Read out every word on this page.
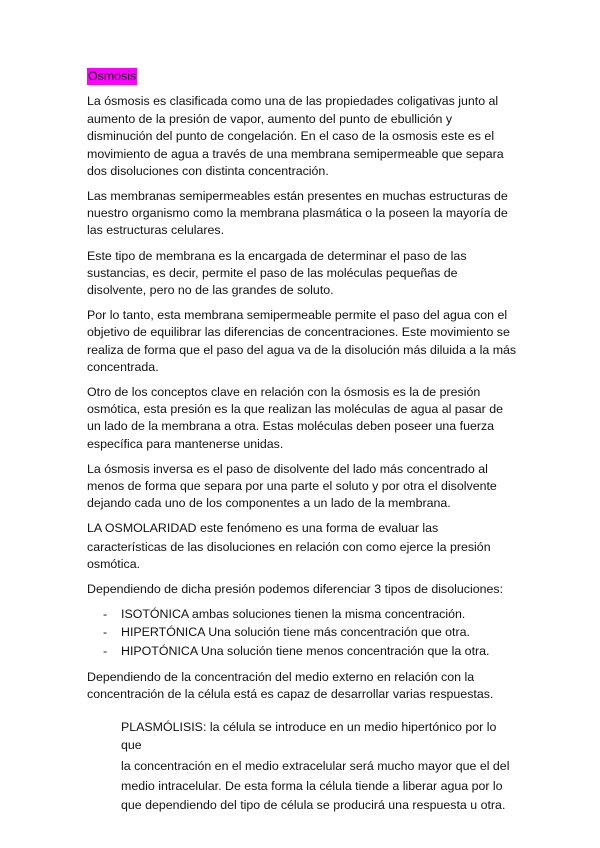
Osmosis

La ósmosis es clasificada como una de las propiedades coligativas junto al aumento de la presión de vapor, aumento del punto de ebullición y disminución del punto de congelación. En el caso de la osmosis este es el movimiento de agua a través de una membrana semipermeable que separa dos disoluciones con distinta concentración.

Las membranas semipermeables están presentes en muchas estructuras de nuestro organismo como la membrana plasmática o la poseen la mayoría de las estructuras celulares.

Este tipo de membrana es la encargada de determinar el paso de las sustancias, es decir, permite el paso de las moléculas pequeñas de disolvente, pero no de las grandes de soluto.

Por lo tanto, esta membrana semipermeable permite el paso del agua con el objetivo de equilibrar las diferencias de concentraciones. Este movimiento se realiza de forma que el paso del agua va de la disolución más diluida a la más concentrada.

Otro de los conceptos clave en relación con la ósmosis es la de presión osmótica, esta presión es la que realizan las moléculas de agua al pasar de un lado de la membrana a otra. Estas moléculas deben poseer una fuerza específica para mantenerse unidas.

La ósmosis inversa es el paso de disolvente del lado más concentrado al menos de forma que separa por una parte el soluto y por otra el disolvente dejando cada uno de los componentes a un lado de la membrana.

LA OSMOLARIDAD este fenómeno es una forma de evaluar las características de las disoluciones en relación con como ejerce la presión osmótica.

Dependiendo de dicha presión podemos diferenciar 3 tipos de disoluciones:

- ISOTÓNICA ambas soluciones tienen la misma concentración.
- HIPERTÓNICA Una solución tiene más concentración que otra.
- HIPOTÓNICA Una solución tiene menos concentración que la otra.

Dependiendo de la concentración del medio externo en relación con la concentración de la célula está es capaz de desarrollar varias respuestas.

PLASMÓLISIS: la célula se introduce en un medio hipertónico por lo que
la concentración en el medio extracelular será mucho mayor que el del medio intracelular. De esta forma la célula tiende a liberar agua por lo que dependiendo del tipo de célula se producirá una respuesta u otra.
